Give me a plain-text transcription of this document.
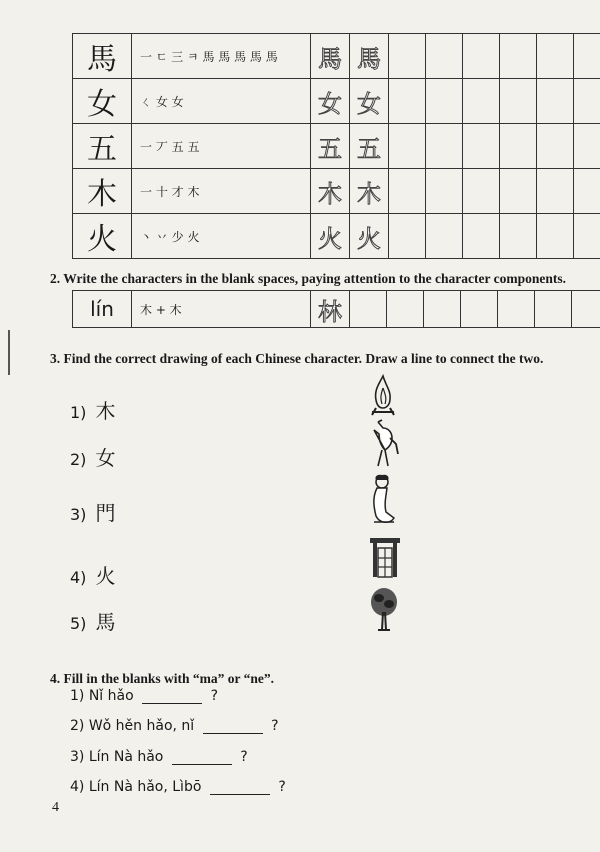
馬	一 ㄷ 三 ㅋ 馬 馬 馬 馬 馬	馬	馬						
女	ㄑ 女 女	女	女						
五	一 丆 五 五	五	五						
木	一 十 才 木	木	木						
火	丶 丷 少 火	火	火						
2. Write the characters in the blank spaces, paying attention to the character components.
lín	木 + 木	林							
3. Find the correct drawing of each Chinese character. Draw a line to connect the two.
1) 木
2) 女
3) 門
4) 火
5) 馬
4. Fill in the blanks with “ma” or “ne”.
1) Nǐ hǎo	?
2) Wǒ hěn hǎo, nǐ	?
3) Lín Nà hǎo	?
4) Lín Nà hǎo, Lìbō	?
4
